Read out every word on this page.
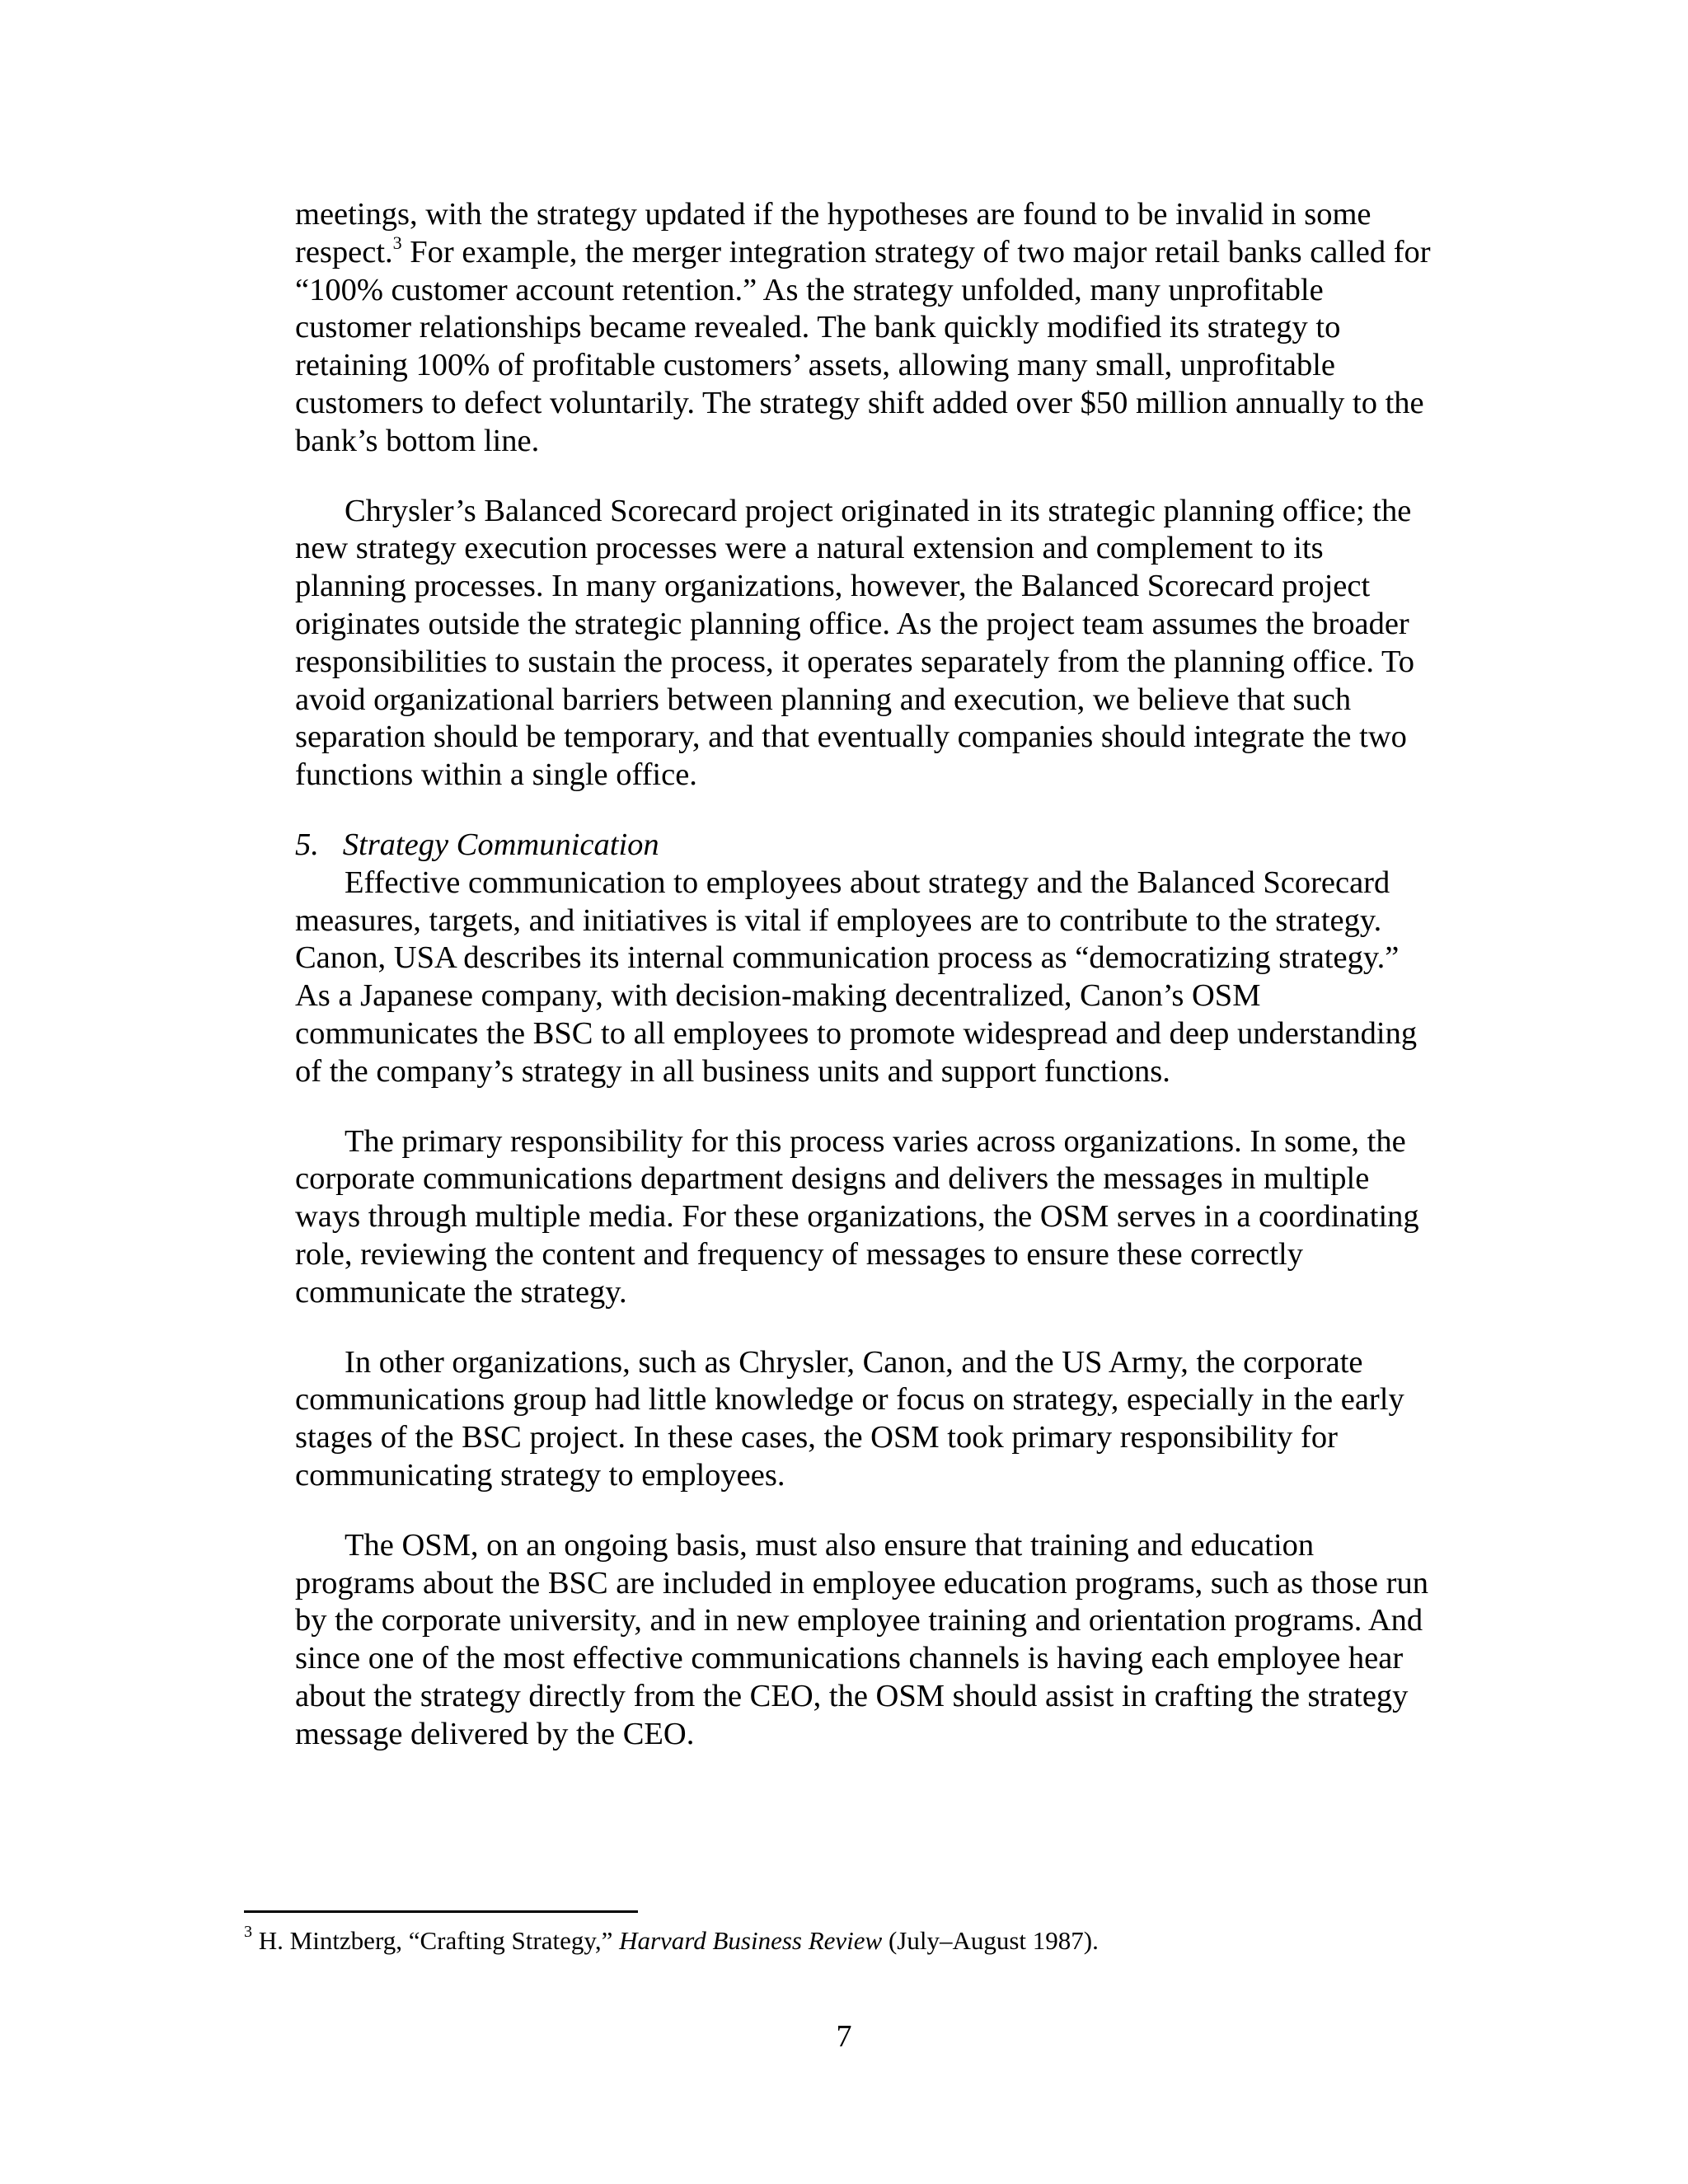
meetings, with the strategy updated if the hypotheses are found to be invalid in some respect.$^3$ For example, the merger integration strategy of two major retail banks called for “100% customer account retention.” As the strategy unfolded, many unprofitable customer relationships became revealed. The bank quickly modified its strategy to retaining 100% of profitable customers’ assets, allowing many small, unprofitable customers to defect voluntarily. The strategy shift added over $50 million annually to the bank’s bottom line.

Chrysler’s Balanced Scorecard project originated in its strategic planning office; the new strategy execution processes were a natural extension and complement to its planning processes. In many organizations, however, the Balanced Scorecard project originates outside the strategic planning office. As the project team assumes the broader responsibilities to sustain the process, it operates separately from the planning office. To avoid organizational barriers between planning and execution, we believe that such separation should be temporary, and that eventually companies should integrate the two functions within a single office.

5.   Strategy Communication

Effective communication to employees about strategy and the Balanced Scorecard measures, targets, and initiatives is vital if employees are to contribute to the strategy. Canon, USA describes its internal communication process as “democratizing strategy.” As a Japanese company, with decision-making decentralized, Canon’s OSM communicates the BSC to all employees to promote widespread and deep understanding of the company’s strategy in all business units and support functions.

The primary responsibility for this process varies across organizations. In some, the corporate communications department designs and delivers the messages in multiple ways through multiple media. For these organizations, the OSM serves in a coordinating role, reviewing the content and frequency of messages to ensure these correctly communicate the strategy.

In other organizations, such as Chrysler, Canon, and the US Army, the corporate communications group had little knowledge or focus on strategy, especially in the early stages of the BSC project. In these cases, the OSM took primary responsibility for communicating strategy to employees.

The OSM, on an ongoing basis, must also ensure that training and education programs about the BSC are included in employee education programs, such as those run by the corporate university, and in new employee training and orientation programs. And since one of the most effective communications channels is having each employee hear about the strategy directly from the CEO, the OSM should assist in crafting the strategy message delivered by the CEO.

$^3$ H. Mintzberg, “Crafting Strategy,” Harvard Business Review (July–August 1987).
7
